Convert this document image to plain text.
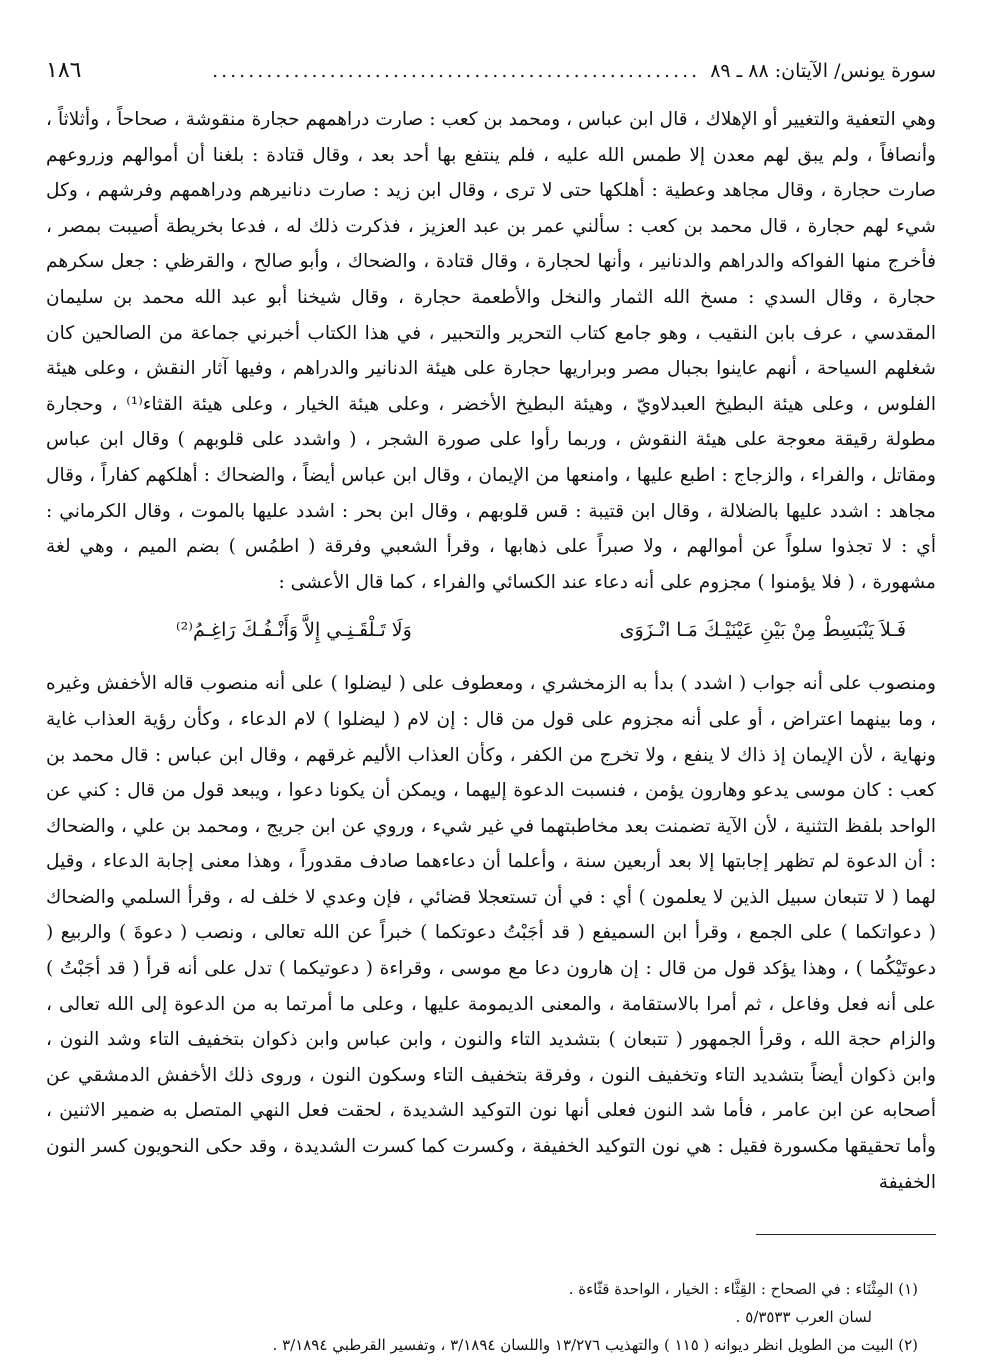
سورة يونس/ الآيتان
: ٨٨ ـ ٨٩
......................................................
١٨٦

وهي التعفية والتغيير أو الإهلاك ، قال ابن عباس ، ومحمد بن كعب : صارت دراهمهم حجارة منقوشة ، صحاحاً ، وأثلاثاً ، وأنصافاً ، ولم يبق لهم معدن إلا طمس الله عليه ، فلم ينتفع بها أحد بعد ، وقال قتادة : بلغنا أن أموالهم وزروعهم صارت حجارة ، وقال مجاهد وعطية : أهلكها حتى لا ترى ، وقال ابن زيد : صارت دنانيرهم ودراهمهم وفرشهم ، وكل شيء لهم حجارة ، قال محمد بن كعب : سألني عمر بن عبد العزيز ، فذكرت ذلك له ، فدعا بخريطة أصيبت بمصر ، فأخرج منها الفواكه والدراهم والدنانير ، وأنها لحجارة ، وقال قتادة ، والضحاك ، وأبو صالح ، والقرظي : جعل سكرهم حجارة ، وقال السدي : مسخ الله الثمار والنخل والأطعمة حجارة ، وقال شيخنا أبو عبد الله محمد بن سليمان المقدسي ، عرف بابن النقيب ، وهو جامع كتاب التحرير والتحبير ، في هذا الكتاب أخبرني جماعة من الصالحين كان شغلهم السياحة ، أنهم عاينوا بجبال مصر وبراريها حجارة على هيئة الدنانير والدراهم ، وفيها آثار النقش ، وعلى هيئة الفلوس ، وعلى هيئة البطيخ العبدلاويّ ، وهيئة البطيخ الأخضر ، وعلى هيئة الخيار ، وعلى هيئة القثاء⁽¹⁾ ، وحجارة مطولة رقيقة معوجة على هيئة النقوش ، وربما رأوا على صورة الشجر ، ( واشدد على قلوبهم ) وقال ابن عباس ومقاتل ، والفراء ، والزجاج : اطبع عليها ، وامنعها من الإيمان ، وقال ابن عباس أيضاً ، والضحاك : أهلكهم كفاراً ، وقال مجاهد : اشدد عليها بالضلالة ، وقال ابن قتيبة : قس قلوبهم ، وقال ابن بحر : اشدد عليها بالموت ، وقال الكرماني : أي : لا تجذوا سلواً عن أموالهم ، ولا صبراً على ذهابها ، وقرأ الشعبي وفرقة ( اطمُس ) بضم الميم ، وهي لغة مشهورة ، ( فلا يؤمنوا ) مجزوم على أنه دعاء عند الكسائي والفراء ، كما قال الأعشى :

فَـلاَ يَنْبَسِطْ مِنْ بَيْنِ عَيْنَيْـكَ مَـا انْـزَوَى
وَلَا تَـلْقَـنِـي إِلاَّ وَأَنْـفُـكَ رَاغِـمُ⁽²⁾

ومنصوب على أنه جواب ( اشدد ) بدأ به الزمخشري ، ومعطوف على ( ليضلوا ) على أنه منصوب قاله الأخفش وغيره ، وما بينهما اعتراض ، أو على أنه مجزوم على قول من قال : إن لام ( ليضلوا ) لام الدعاء ، وكأن رؤية العذاب غاية ونهاية ، لأن الإيمان إذ ذاك لا ينفع ، ولا تخرج من الكفر ، وكأن العذاب الأليم غرقهم ، وقال ابن عباس : قال محمد بن كعب : كان موسى يدعو وهارون يؤمن ، فنسبت الدعوة إليهما ، ويمكن أن يكونا دعوا ، ويبعد قول من قال : كني عن الواحد بلفظ التثنية ، لأن الآية تضمنت بعد مخاطبتهما في غير شيء ، وروي عن ابن جريج ، ومحمد بن علي ، والضحاك : أن الدعوة لم تظهر إجابتها إلا بعد أربعين سنة ، وأعلما أن دعاءهما صادف مقدوراً ، وهذا معنى إجابة الدعاء ، وقيل لهما ( لا تتبعان سبيل الذين لا يعلمون ) أي : في أن تستعجلا قضائي ، فإن وعدي لا خلف له ، وقرأ السلمي والضحاك ( دعواتكما ) على الجمع ، وقرأ ابن السميفع ( قد أجَبْتُ دعوتكما ) خبراً عن الله تعالى ، ونصب ( دعوةَ ) والربيع ( دعوتَيْكُما ) ، وهذا يؤكد قول من قال : إن هارون دعا مع موسى ، وقراءة ( دعوتيكما ) تدل على أنه قرأ ( قد أجَبْتُ ) على أنه فعل وفاعل ، ثم أمرا بالاستقامة ، والمعنى الديمومة عليها ، وعلى ما أمرتما به من الدعوة إلى الله تعالى ، والزام حجة الله ، وقرأ الجمهور ( تتبعان ) بتشديد التاء والنون ، وابن عباس وابن ذكوان بتخفيف التاء وشد النون ، وابن ذكوان أيضاً بتشديد التاء وتخفيف النون ، وفرقة بتخفيف التاء وسكون النون ، وروى ذلك الأخفش الدمشقي عن أصحابه عن ابن عامر ، فأما شد النون فعلى أنها نون التوكيد الشديدة ، لحقت فعل النهي المتصل به ضمير الاثنين ، وأما تحقيقها مكسورة فقيل : هي نون التوكيد الخفيفة ، وكسرت كما كسرت الشديدة ، وقد حكى النحويون كسر النون الخفيفة

(١) المِثْنَاء : في الصحاح : القِثَّاء : الخيار ، الواحدة قثّاءة .

لسان العرب ٥/٣٥٣٣ .

(٢) البيت من الطويل انظر ديوانه ( ١١٥ ) والتهذيب ١٣/٢٧٦ واللسان ٣/١٨٩٤ ، وتفسير القرطبي ٣/١٨٩٤ .
